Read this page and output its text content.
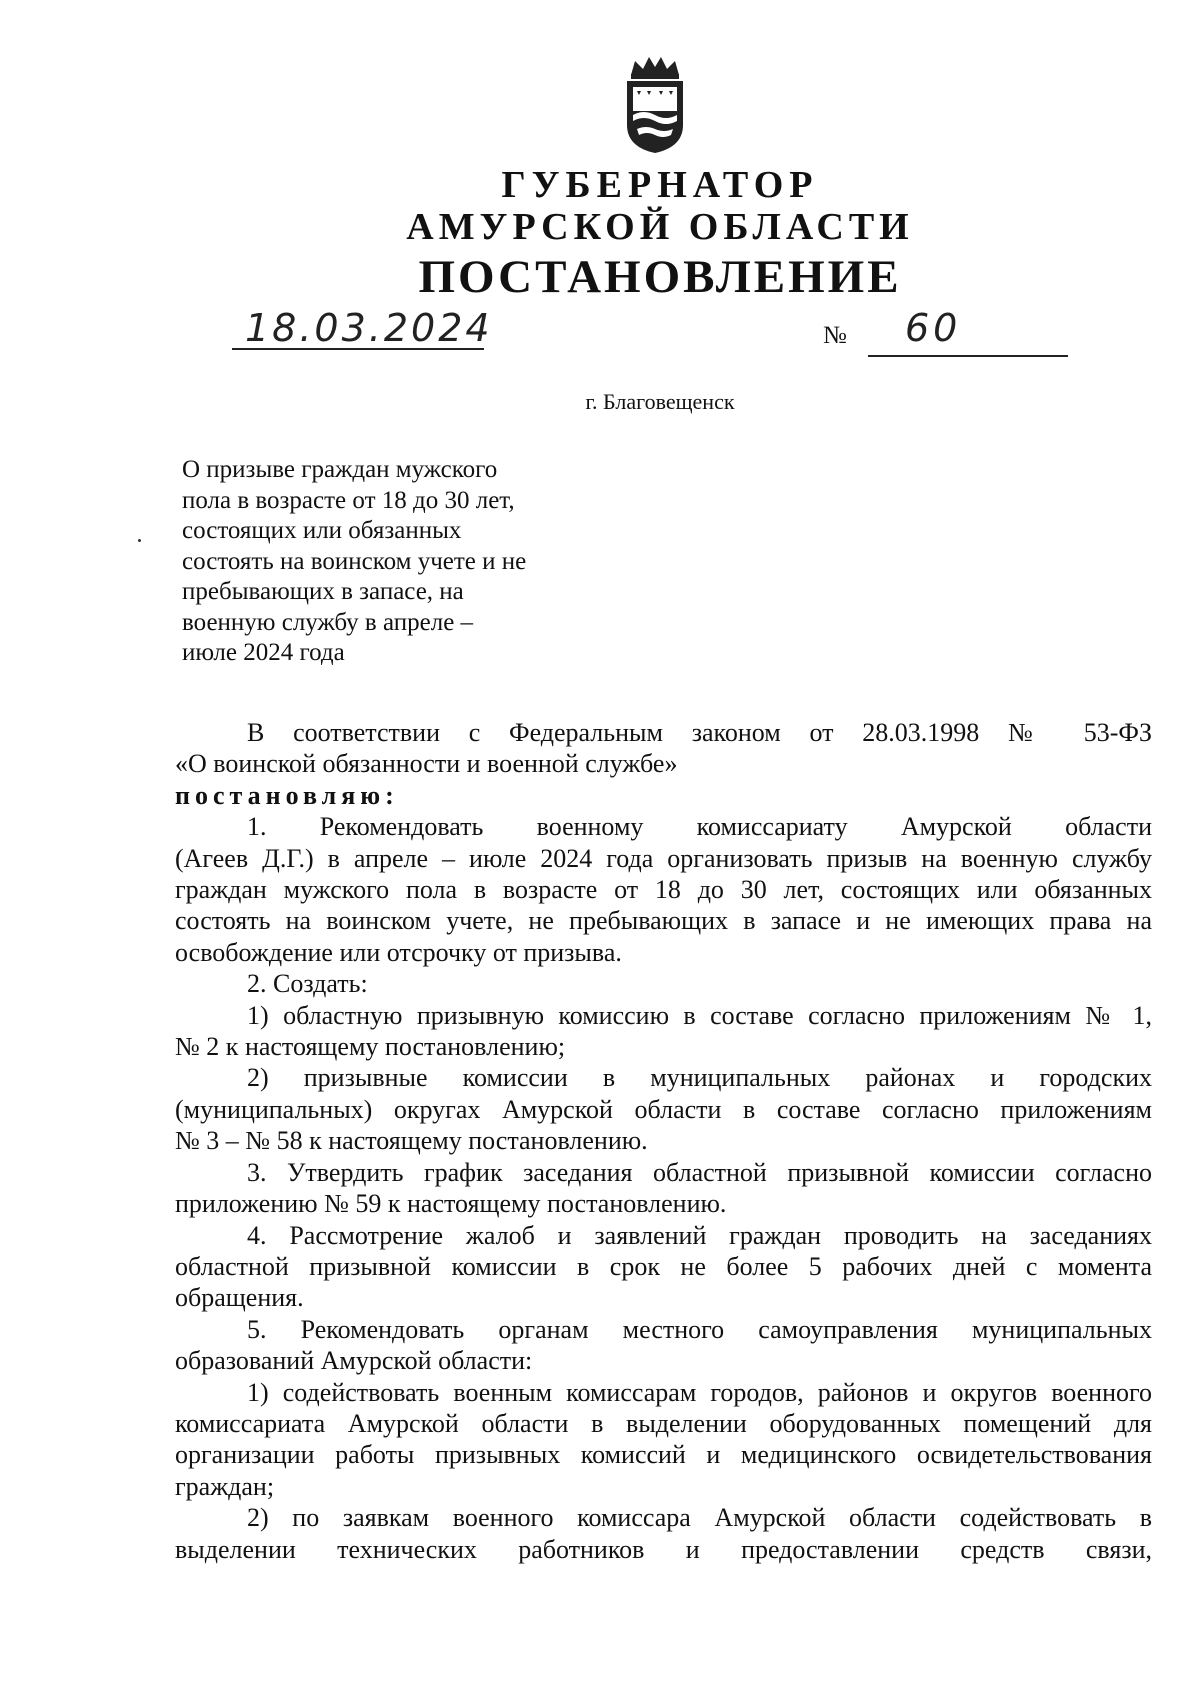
ГУБЕРНАТОР
АМУРСКОЙ ОБЛАСТИ
ПОСТАНОВЛЕНИЕ
18.03.2024	№ 60
г. Благовещенск
О призыве граждан мужского
пола в возрасте от 18 до 30 лет,
состоящих или обязанных
состоять на воинском учете и не
пребывающих в запасе, на
военную службу в апреле –
июле 2024 года
В соответствии с Федеральным законом от 28.03.1998 № 53-ФЗ
«О воинской обязанности и военной службе»
постановляю:
1. Рекомендовать военному комиссариату Амурской области
(Агеев Д.Г.) в апреле – июле 2024 года организовать призыв на военную службу
граждан мужского пола в возрасте от 18 до 30 лет, состоящих или обязанных
состоять на воинском учете, не пребывающих в запасе и не имеющих права на
освобождение или отсрочку от призыва.
2. Создать:
1) областную призывную комиссию в составе согласно приложениям № 1,
№ 2 к настоящему постановлению;
2) призывные комиссии в муниципальных районах и городских
(муниципальных) округах Амурской области в составе согласно приложениям
№ 3 – № 58 к настоящему постановлению.
3. Утвердить график заседания областной призывной комиссии согласно
приложению № 59 к настоящему постановлению.
4. Рассмотрение жалоб и заявлений граждан проводить на заседаниях
областной призывной комиссии в срок не более 5 рабочих дней с момента
обращения.
5. Рекомендовать органам местного самоуправления муниципальных
образований Амурской области:
1) содействовать военным комиссарам городов, районов и округов военного
комиссариата Амурской области в выделении оборудованных помещений для
организации работы призывных комиссий и медицинского освидетельствования
граждан;
2) по заявкам военного комиссара Амурской области содействовать в
выделении технических работников и предоставлении средств связи,
